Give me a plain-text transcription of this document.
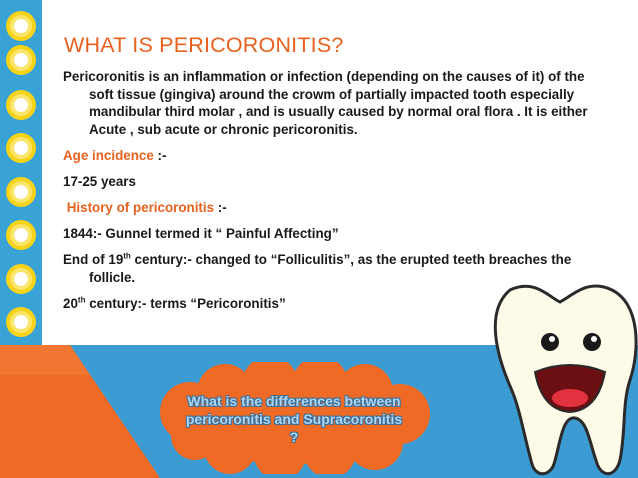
WHAT IS PERICORONITIS?

Pericoronitis is an inflammation or infection (depending on the causes of it) of the soft tissue (gingiva) around the crowm of partially impacted tooth especially mandibular third molar , and is usually caused by normal oral flora . It is either Acute , sub acute or chronic pericoronitis.

Age incidence :-

17-25 years

History of pericoronitis :-

1844:- Gunnel termed it “ Painful Affecting”

End of 19th century:- changed to “Folliculitis”, as the erupted teeth breaches the follicle.

20th century:- terms “Pericoronitis”

What is the differences between pericoronitis and Supracoronitis ?
